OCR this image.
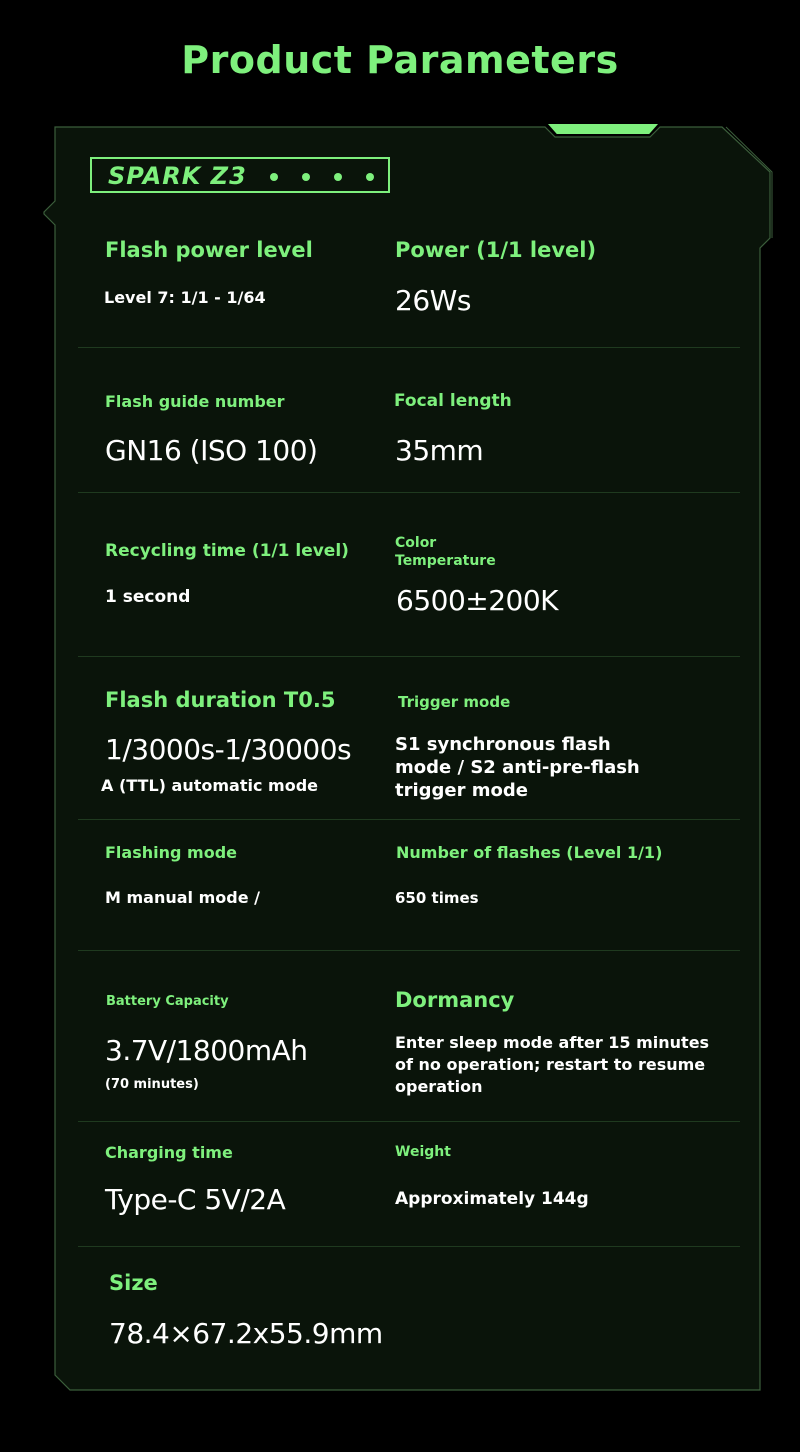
Product Parameters
SPARK Z3
Flash power level
Level 7: 1/1 - 1/64
Power (1/1 level)
26Ws
Flash guide number
GN16 (ISO 100)
Focal length
35mm
Recycling time (1/1 level)
1 second
Color
Temperature
6500±200K
Flash duration T0.5
1/3000s-1/30000s
A (TTL) automatic mode
Trigger mode
S1 synchronous flash mode / S2 anti-pre-flash trigger mode
Flashing mode
M manual mode /
Number of flashes (Level 1/1)
650 times
Battery Capacity
3.7V/1800mAh
(70 minutes)
Dormancy
Enter sleep mode after 15 minutes of no operation; restart to resume operation
Charging time
Type-C 5V/2A
Weight
Approximately 144g
Size
78.4×67.2x55.9mm
